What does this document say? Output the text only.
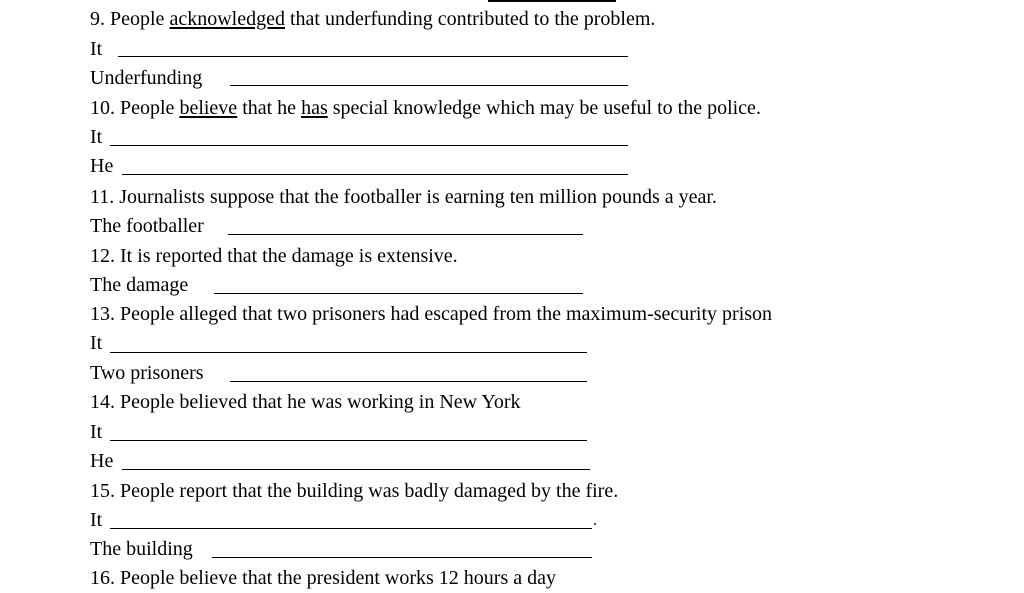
9. People acknowledged that underfunding contributed to the problem.
It
Underfunding
10. People believe that he has special knowledge which may be useful to the police.
It
He
11. Journalists suppose that the footballer is earning ten million pounds a year.
The footballer
12. It is reported that the damage is extensive.
The damage
13. People alleged that two prisoners had escaped from the maximum-security prison
It
Two prisoners
14. People believed that he was working in New York
It
He
15. People report that the building was badly damaged by the fire.
It	.
The building
16. People believe that the president works 12 hours a day
